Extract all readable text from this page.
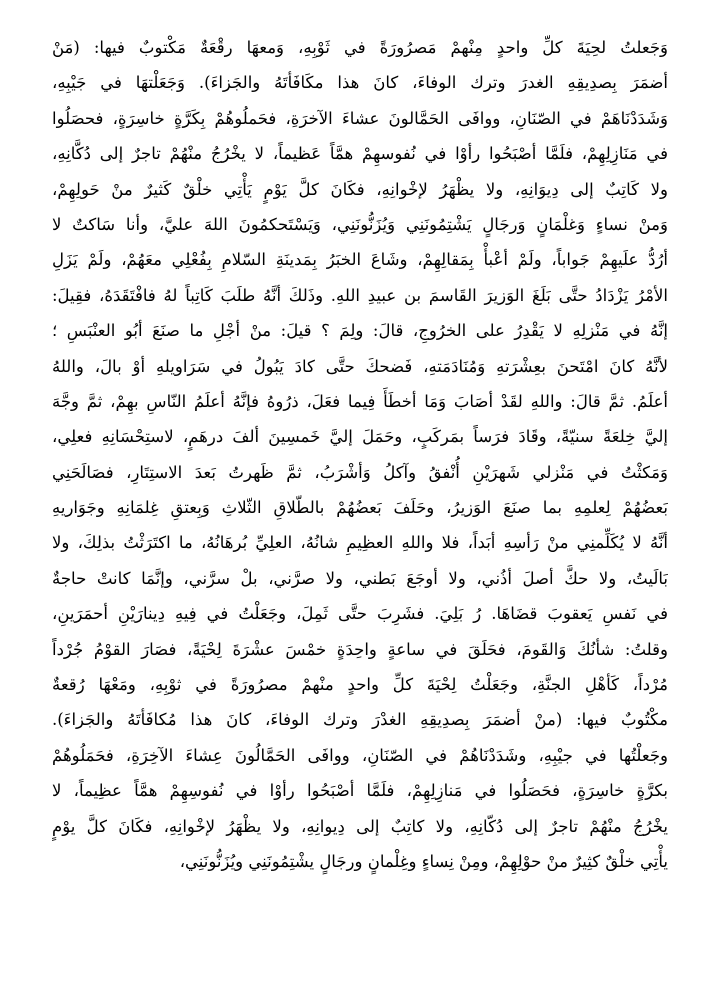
وَجَعلتُ لحِيَةَ كلِّ واحدٍ مِنْهمْ مَصرُورَةً في ثَوْبِهِ، وَمعهَا رقْعَةٌ مَكْتوبٌ فيها: (مَنْ
أضمَرَ بِصدِيقِهِ الغدرَ وترك الوفاءَ، كانَ هذا مكَافَأتَهُ والجَزاءَ). وَجَعَلْتهَا في جَيْبِهِ،
وَشَدَدْنَاهَمْ في الصّنَانِ، ووافَى الحَمَّالونَ عشاءَ الآخرَةِ، فحَملُوهُمْ بِكَرَّةٍ خاسِرَةٍ، فحصَلُوا
في مَنَازِلِهِمْ، فلَمَّا أصْبَحُوا رأوْا في نُفوسهِمْ همَّاً عَظيماً، لا يخْرُجُ منْهُمْ تاجرٌ إلى دُكَّانِهِ،
ولا كَاتِبٌ إلى دِيوَانِهِ، ولا يظْهَرُ لإخْوانِهِ، فكَانَ كلَّ يَوْمٍ يَأْتِي خلْقٌ كَثيرٌ منْ حَولِهِمْ،
وَمنْ نساءٍ وَغلْمَانٍ وَرجَالٍ يَشْتِمُونَنِي وَيُزَنُّونَنِي، وَيَسْتَحكمُونَ اللهَ عليَّ، وأنا سَاكتٌ لا
أرُدُّ علَيهِمْ جَواباً، ولَمْ أعْبأْ بِمَقالِهِمْ، وشَاعَ الخبَرُ بِمَدينَةِ السّلامِ بِفُعْلِي معَهُمْ، ولَمْ يَزَلِ
الأمْرُ يَزْدَادُ حتَّى بَلَغَ الوَزيرَ القَاسمَ بن عبيدِ اللهِ. وذَلكَ أنَّهُ طلَبَ كَاتِباً لهُ فافْتَقَدَهُ، فقِيلَ:
إنَّهُ في مَنْزلِهِ لا يَقْدِرُ على الخرُوجِ، قالَ: ولِمَ ؟ قيلَ: منْ أجْلِ ما صنَعَ أبُو العنْبَسِ ؛
لأنَّهُ كانَ امْتَحنَ بعِشْرَتهِ وَمُنَادَمَتهِ، فَضحكَ حتَّى كادَ يَبُولُ في سَرَاويلهِ أوْ بالَ، واللهُ
أعلَمُ. ثمَّ قالَ: واللهِ لقَدْ أصَابَ وَمَا أخطَأَ فِيما فعَلَ، ذرُوهُ فإنَّهُ أعلَمُ النّاسِ بهِمْ، ثمَّ وجَّهَ
إليَّ خِلعَةً سنيّةً، وقَادَ فرَساً بمَركَبٍ، وحَمَلَ إليَّ خَمسِينَ ألفَ درهَمٍ، لاستِحْسَانِهِ فعلِي،
وَمَكثْتُ في مَنْزلي شَهرَيْنِ أُنْفقُ وآكلُ وَأشْرَبُ، ثمَّ ظَهرتُ بَعدَ الاستِتَارِ، فصَالَحَنِي
بَعضُهُمْ لِعلمِهِ بما صنَعَ الوَزيرُ، وحَلَفَ بَعضُهُمْ بالطّلاقِ الثّلاثِ وَبِعتقِ غِلمَانِهِ وجَوَاريهِ
أنَّهُ لا يُكَلِّمنِي منْ رَأسِهِ أبَداً، فلا واللهِ العظِيمِ شانُهُ، العلِيِّ بُرهَانُهُ، ما اكتَرَثْتُ بذلِكَ، ولا
بَالَيتُ، ولا حكَّ أصلَ أذُني، ولا أوجَعَ بَطني، ولا صرَّني، بلْ سرَّني، وإنَّمَا كانتْ حاجةٌ
في نَفسِ يَعقوبَ قضَاهَا. رُ بَلِيَ. فشَرِبَ حتَّى ثَمِلَ، وجَعَلْتُ في فِيهِ دِينارَيْنِ أحمَرَينِ،
وقلتُ: شأنُكَ وَالقَومَ، فحَلَقَ في ساعةٍ واحِدَةٍ خمْسَ عشْرَةَ لِحْيَةً، فصَارَ القوْمُ جُرْداً
مُرْداً، كَأهْلِ الجنَّةِ، وجَعَلْتُ لِحْيَةَ كلِّ واحدٍ منْهمْ مصرُورَةً في ثوْبِهِ، ومَعْهَا رُقعةٌ
مكْتُوبٌ فيها: (منْ أضمَرَ بِصدِيقِهِ الغدْرَ وترك الوفاءَ، كانَ هذا مُكافَأتَهُ والجَزاءَ).
وجَعلْتُها في جيْبِهِ، وشَدَدْنَاهُمْ في الصّنَانِ، ووافَى الحَمَّالُونَ عِشاءَ الآخِرَةِ، فحَمَلُوهُمْ
بكرَّةٍ خاسِرَةٍ، فحَصَلُوا في مَنازِلِهِمْ، فلَمَّا أصْبَحُوا رأوْا في نُفوسِهِمْ همَّاً عظِيماً، لا
يخْرُجُ منْهُمْ تاجرٌ إلى دُكّانِهِ، ولا كاتِبٌ إلى دِيوانِهِ، ولا يظْهَرُ لإخْوانِهِ، فكَانَ كلَّ يوْمٍ
يأْتِي خلْقٌ كثِيرٌ منْ حوْلِهِمْ، ومِنْ نِساءٍ وغِلْمانٍ ورجَالٍ يشْتِمُونَنِي ويُزَنُّونَنِي،
